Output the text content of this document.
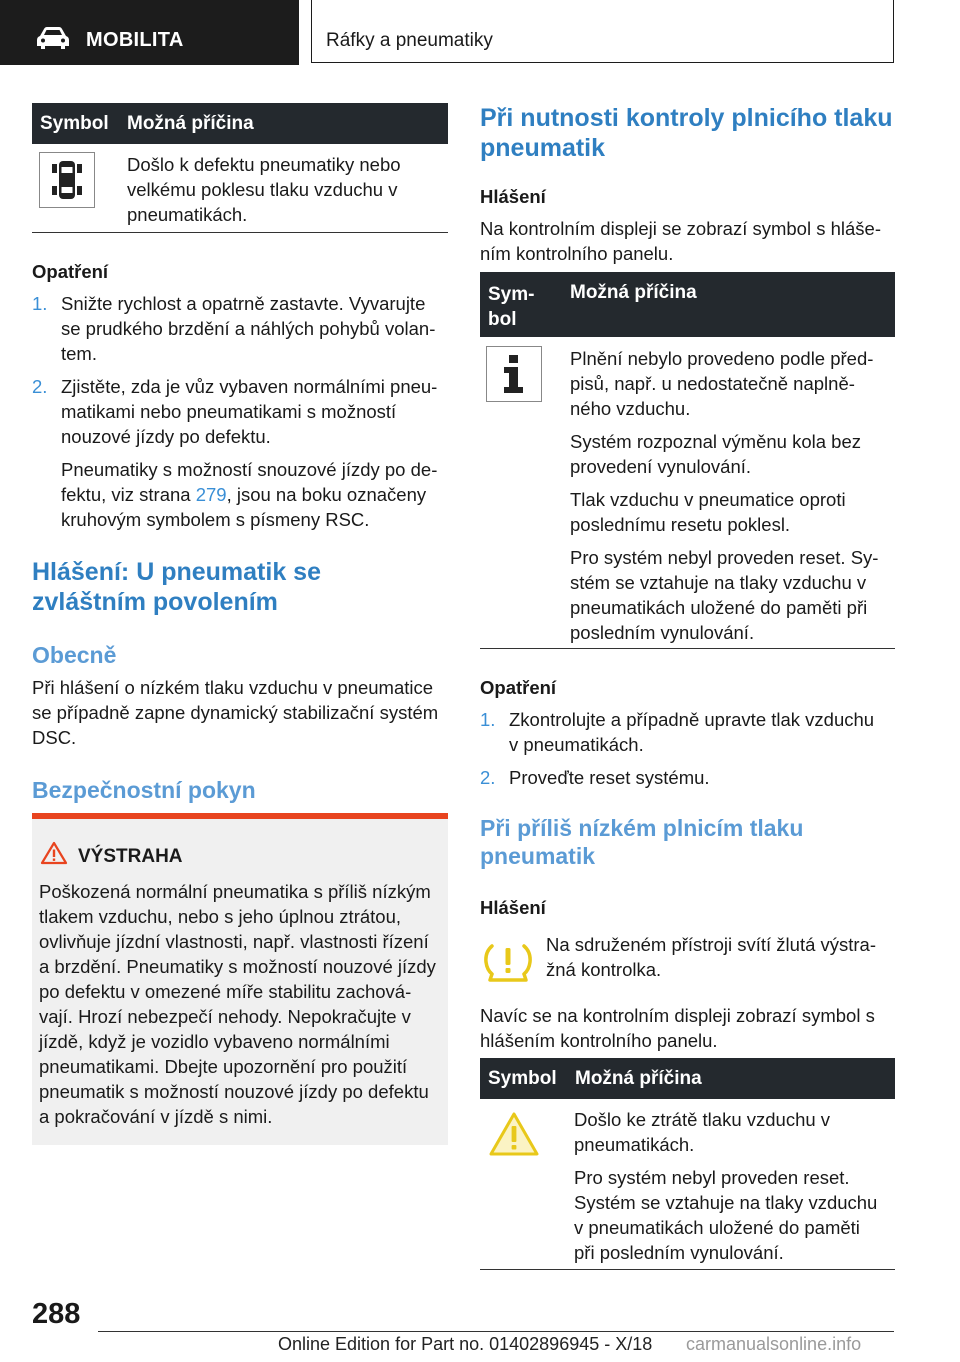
MOBILITA	Ráfky a pneumatiky
Symbol Možná příčina
Došlo k defektu pneumatiky nebo
velkému poklesu tlaku vzduchu v
pneumatikách.
Opatření
1. Snižte rychlost a opatrně zastavte. Vyvarujte
se prudkého brzdění a náhlých pohybů volan-
tem.
2. Zjistěte, zda je vůz vybaven normálními pneu-
matikami nebo pneumatikami s možností
nouzové jízdy po defektu.
Pneumatiky s možností snouzové jízdy po de-
fektu, viz strana 279, jsou na boku označeny
kruhovým symbolem s písmeny RSC.
Hlášení: U pneumatik se
zvláštním povolením
Obecně
Při hlášení o nízkém tlaku vzduchu v pneumatice
se případně zapne dynamický stabilizační systém
DSC.
Bezpečnostní pokyn
VÝSTRAHA
Poškozená normální pneumatika s příliš nízkým
tlakem vzduchu, nebo s jeho úplnou ztrátou,
ovlivňuje jízdní vlastnosti, např. vlastnosti řízení
a brzdění. Pneumatiky s možností nouzové jízdy
po defektu v omezené míře stabilitu zachová-
vají. Hrozí nebezpečí nehody. Nepokračujte v
jízdě, když je vozidlo vybaveno normálními
pneumatikami. Dbejte upozornění pro použití
pneumatik s možností nouzové jízdy po defektu
a pokračování v jízdě s nimi.
Při nutnosti kontroly plnicího tlaku
pneumatik
Hlášení
Na kontrolním displeji se zobrazí symbol s hláše-
ním kontrolního panelu.
Sym-
bol
Možná příčina
Plnění nebylo provedeno podle před-
pisů, např. u nedostatečně naplně-
ného vzduchu.
Systém rozpoznal výměnu kola bez
provedení vynulování.
Tlak vzduchu v pneumatice oproti
poslednímu resetu poklesl.
Pro systém nebyl proveden reset. Sy-
stém se vztahuje na tlaky vzduchu v
pneumatikách uložené do paměti při
posledním vynulování.
Opatření
1. Zkontrolujte a případně upravte tlak vzduchu
v pneumatikách.
2. Proveďte reset systému.
Při příliš nízkém plnicím tlaku
pneumatik
Hlášení
Na sdruženém přístroji svítí žlutá výstra-
žná kontrolka.
Navíc se na kontrolním displeji zobrazí symbol s
hlášením kontrolního panelu.
Symbol Možná příčina
Došlo ke ztrátě tlaku vzduchu v
pneumatikách.
Pro systém nebyl proveden reset.
Systém se vztahuje na tlaky vzduchu
v pneumatikách uložené do paměti
při posledním vynulování.
288
Online Edition for Part no. 01402896945 - X/18 carmanualsonline.info
